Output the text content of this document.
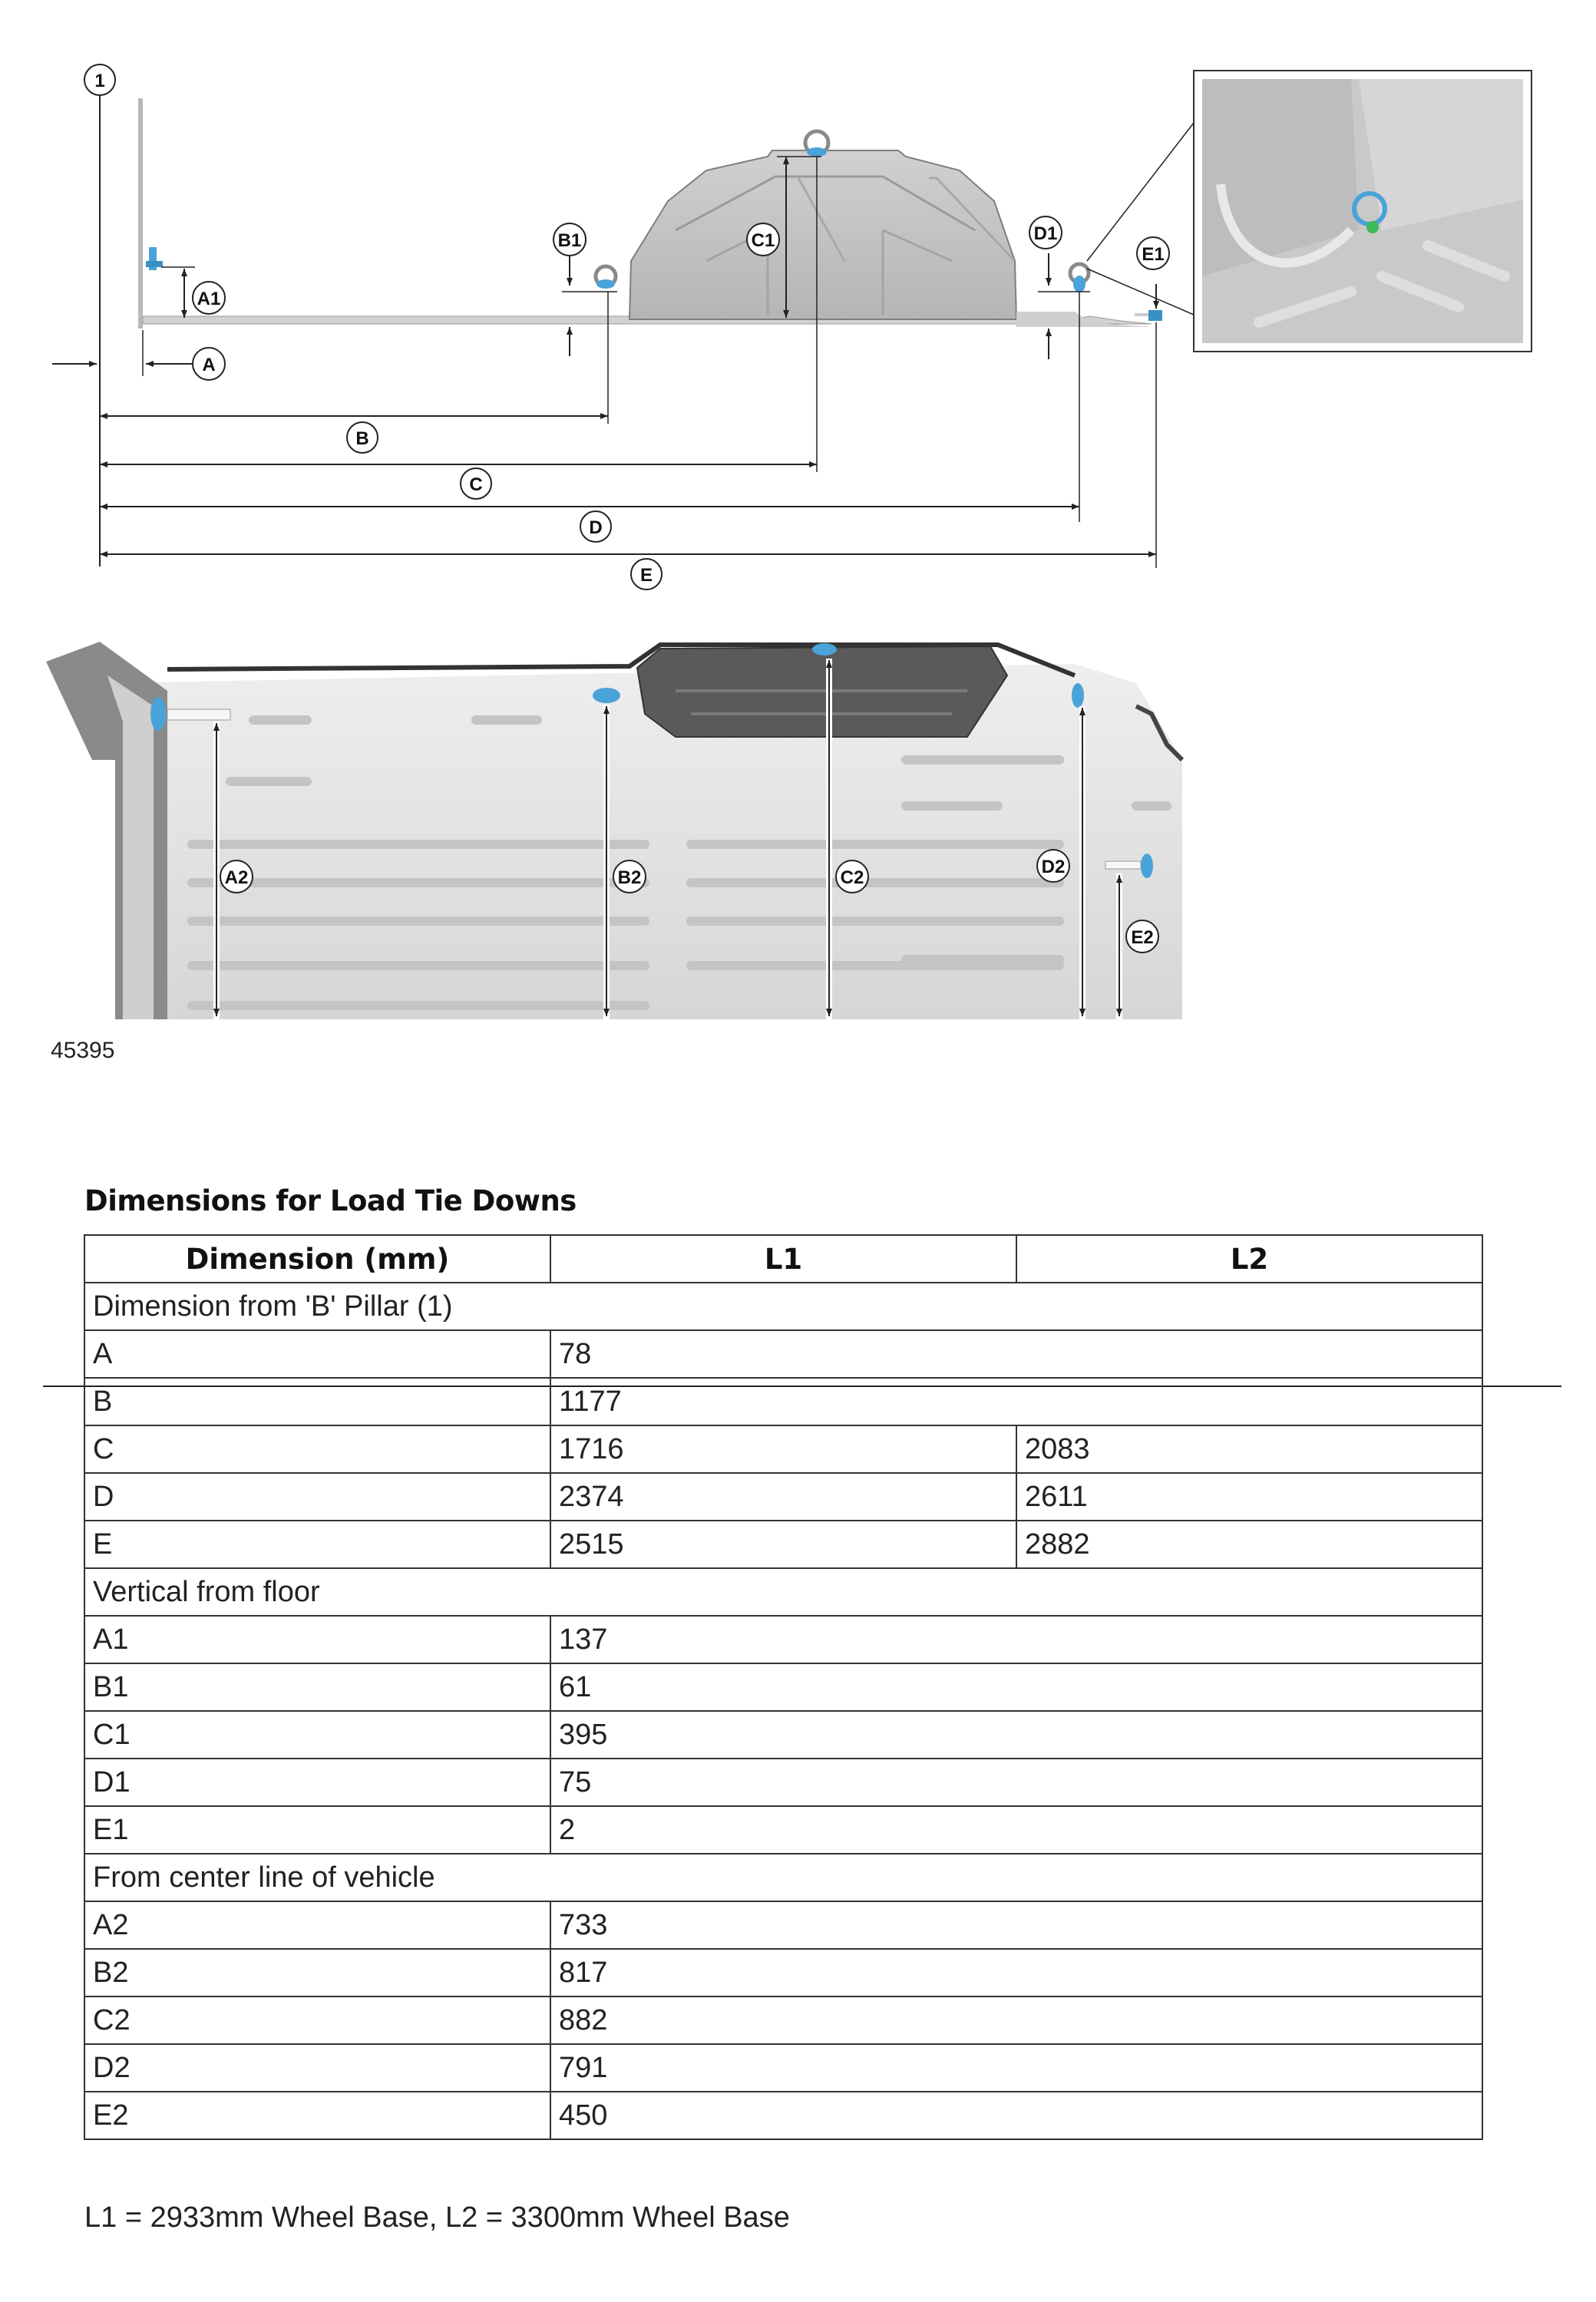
1
A1
A
B1	C1	D1
E1
B
C
D
E
A2	B2	C2
D2
E2
45395
Dimensions for Load Tie Downs
Dimension (mm)	L1	L2
Dimension from 'B' Pillar (1)		
A	78	
B	1177	
C	1716	2083
D	2374	2611
E	2515	2882
Vertical from floor		
A1	137	
B1	61	
C1	395	
D1	75	
E1	2	
From center line of vehicle		
A2	733	
B2	817	
C2	882	
D2	791	
E2	450	
L1 = 2933mm Wheel Base, L2 = 3300mm Wheel Base
